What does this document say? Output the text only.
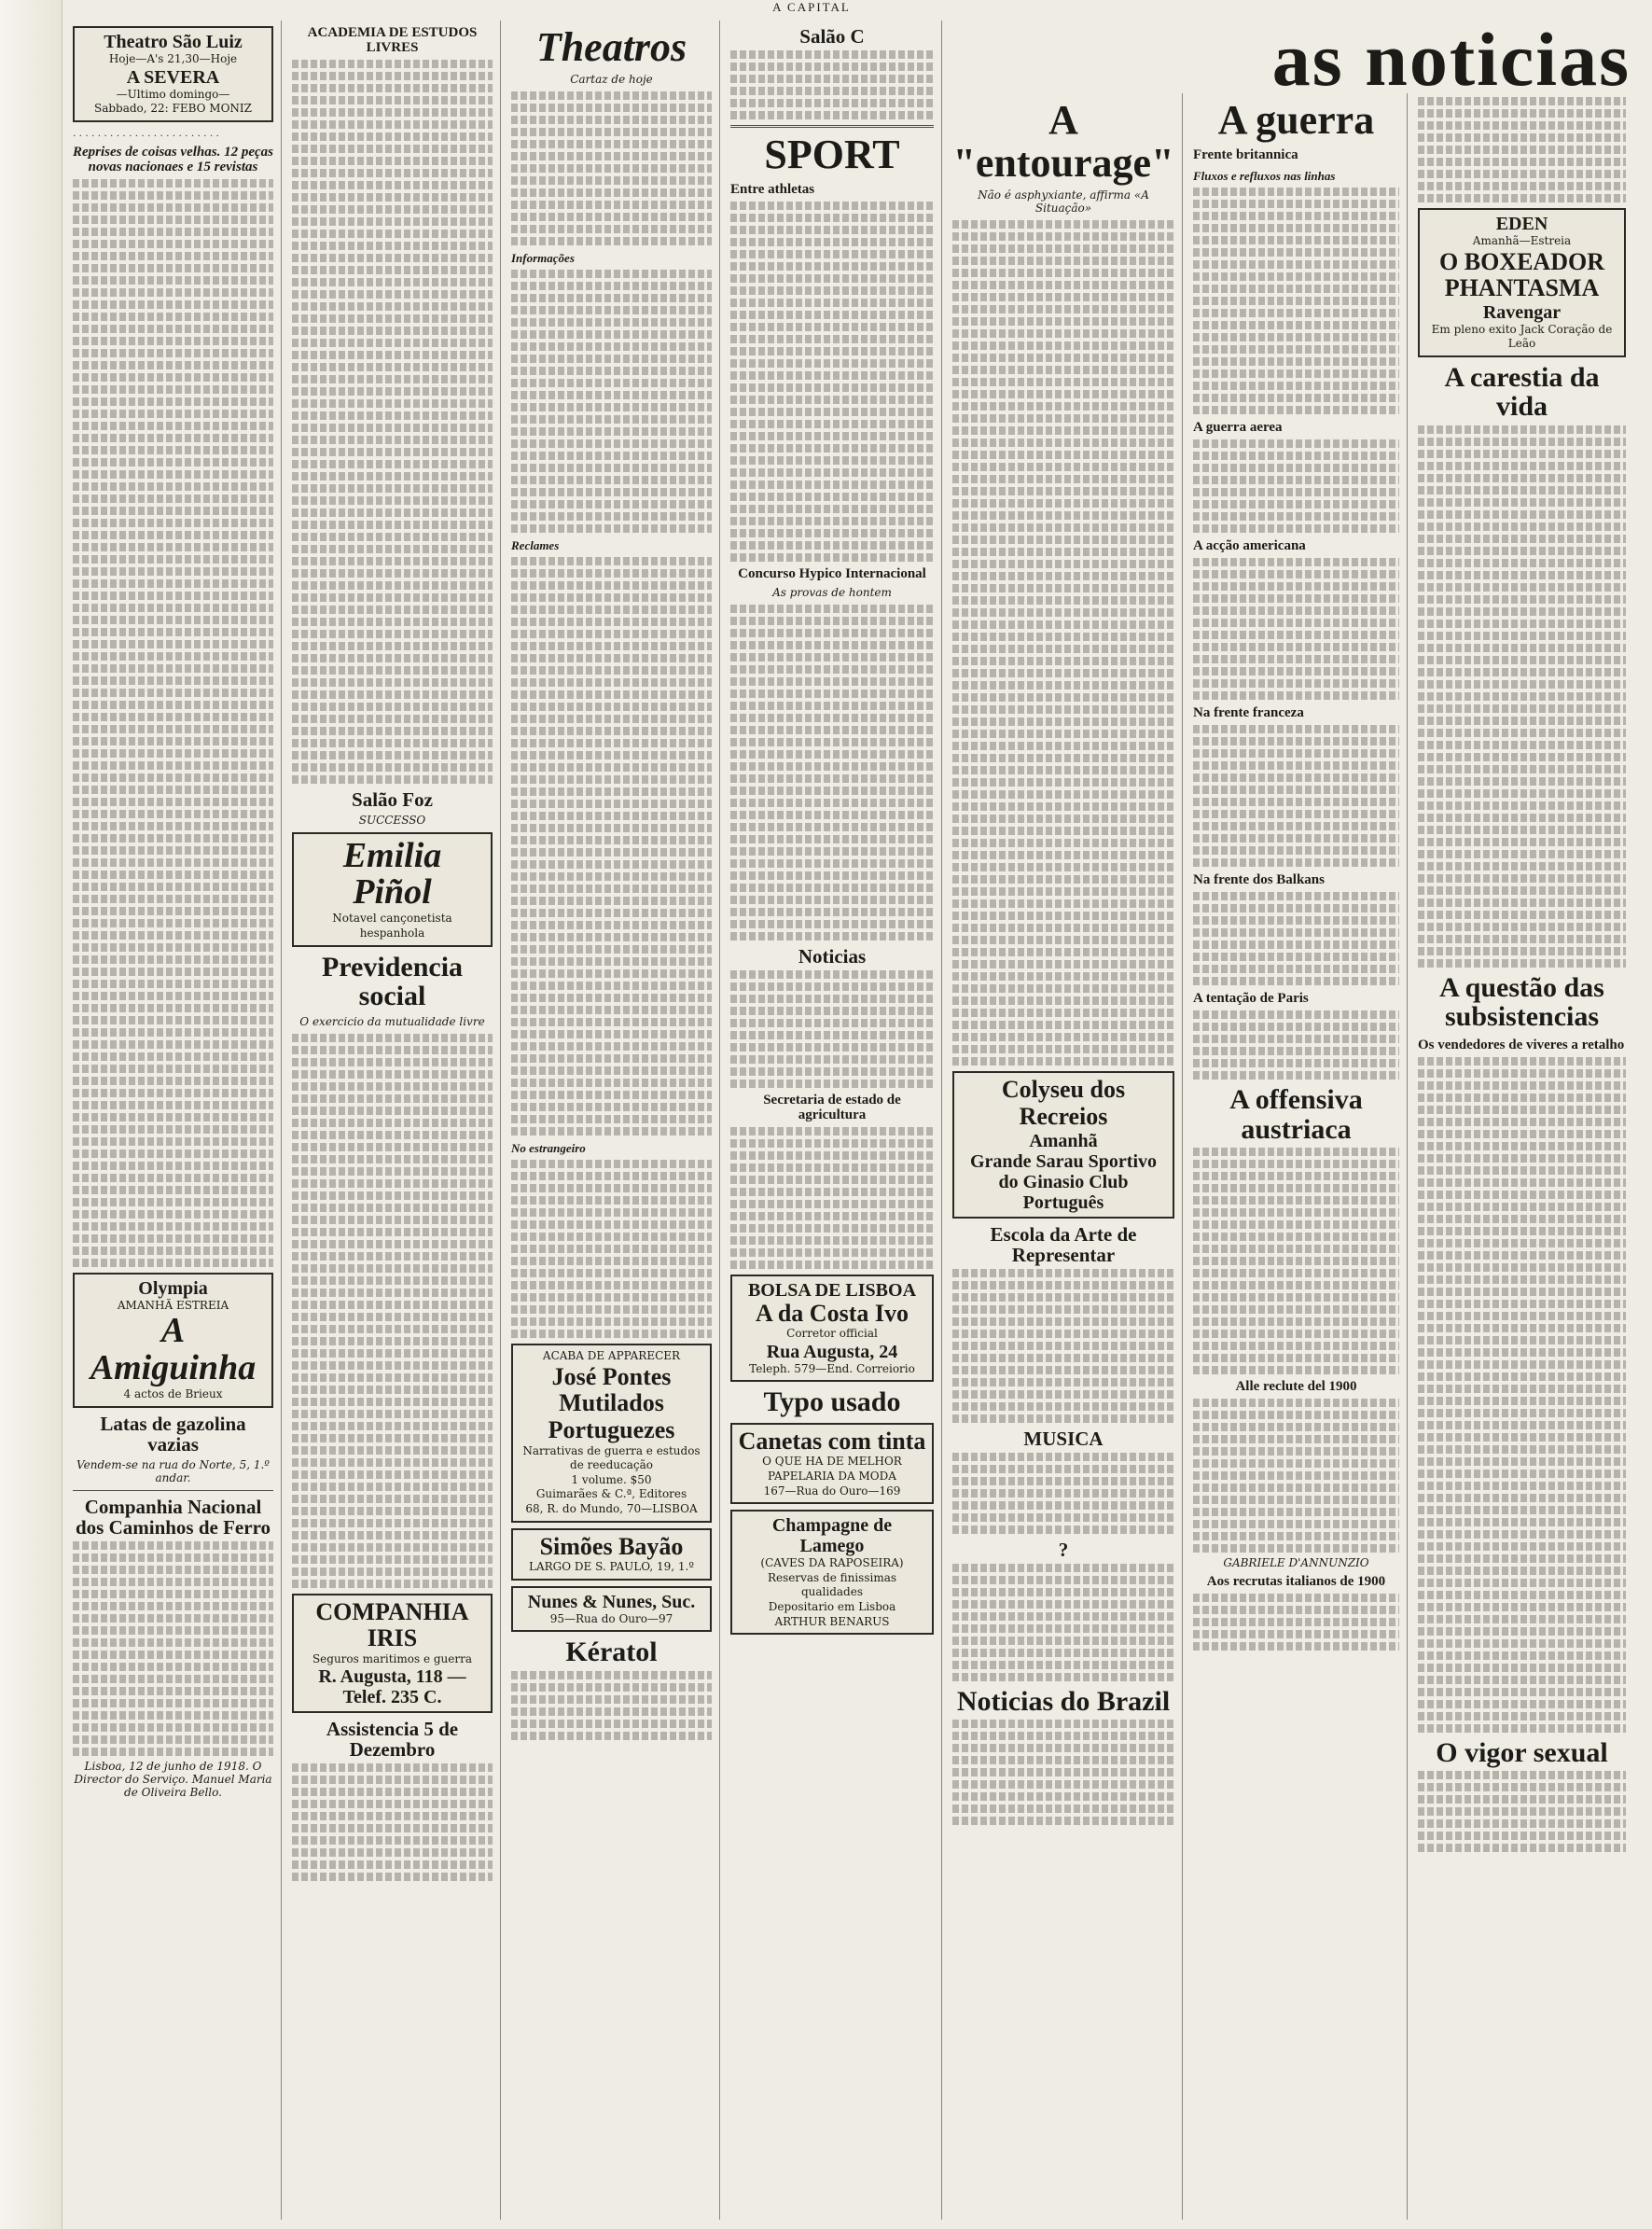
A CAPITAL
as noticias
Theatro São Luiz
Hoje—A's 21,30—Hoje
A SEVERA
—Ultimo domingo—
Sabbado, 22: FEBO MONIZ

. . . . . . . . . . . . . . . . . . . . . . . .

Reprises de coisas velhas. 12 peças novas nacionaes e 15 revistas

Olympia
AMANHÃ ESTREIA
A Amiguinha
4 actos de Brieux
Latas de gazolina vazias
Vendem-se na rua do Norte, 5, 1.º andar.
Companhia Nacional dos Caminhos de Ferro

Lisboa, 12 de junho de 1918. O Director do Serviço. Manuel Maria de Oliveira Bello.
ACADEMIA DE ESTUDOS LIVRES

Salão Foz
SUCCESSO
Emilia Piñol
Notavel cançonetista hespanhola
Previdencia social
O exercicio da mutualidade livre

COMPANHIA IRIS
Seguros maritimos e guerra
R. Augusta, 118 — Telef. 235 C.
Assistencia 5 de Dezembro

Theatros
Cartaz de hoje

Informações

Reclames

No estrangeiro

ACABA DE APPARECER
José Pontes
Mutilados Portuguezes
Narrativas de guerra e estudos de reeducação
1 volume. $50
Guimarães & C.ª, Editores
68, R. do Mundo, 70—LISBOA
Simões Bayão
LARGO DE S. PAULO, 19, 1.º
Nunes & Nunes, Suc.
95—Rua do Ouro—97
Kératol

Salão C

SPORT
Entre athletas

Concurso Hypico Internacional
As provas de hontem

Noticias

Secretaria de estado de agricultura

BOLSA DE LISBOA
A da Costa Ivo
Corretor official
Rua Augusta, 24
Teleph. 579—End. Correiorio
Typo usado
Canetas com tinta
O QUE HA DE MELHOR PAPELARIA DA MODA
167—Rua do Ouro—169
Champagne de Lamego
(CAVES DA RAPOSEIRA)
Reservas de finissimas qualidades
Depositario em Lisboa
ARTHUR BENARUS
A "entourage"
Não é asphyxiante, affirma «A Situação»

Colyseu dos Recreios
Amanhã
Grande Sarau Sportivo do Ginasio Club Português
Escola da Arte de Representar

MUSICA

?

Noticias do Brazil

A guerra
Frente britannica
Fluxos e refluxos nas linhas

A guerra aerea

A acção americana

Na frente franceza

Na frente dos Balkans

A tentação de Paris

A offensiva austriaca

Alle reclute del 1900

GABRIELE D'ANNUNZIO
Aos recrutas italianos de 1900

EDEN
Amanhã—Estreia
O BOXEADOR PHANTASMA
Ravengar
Em pleno exito Jack Coração de Leão
A carestia da vida

A questão das subsistencias
Os vendedores de viveres a retalho

O vigor sexual
